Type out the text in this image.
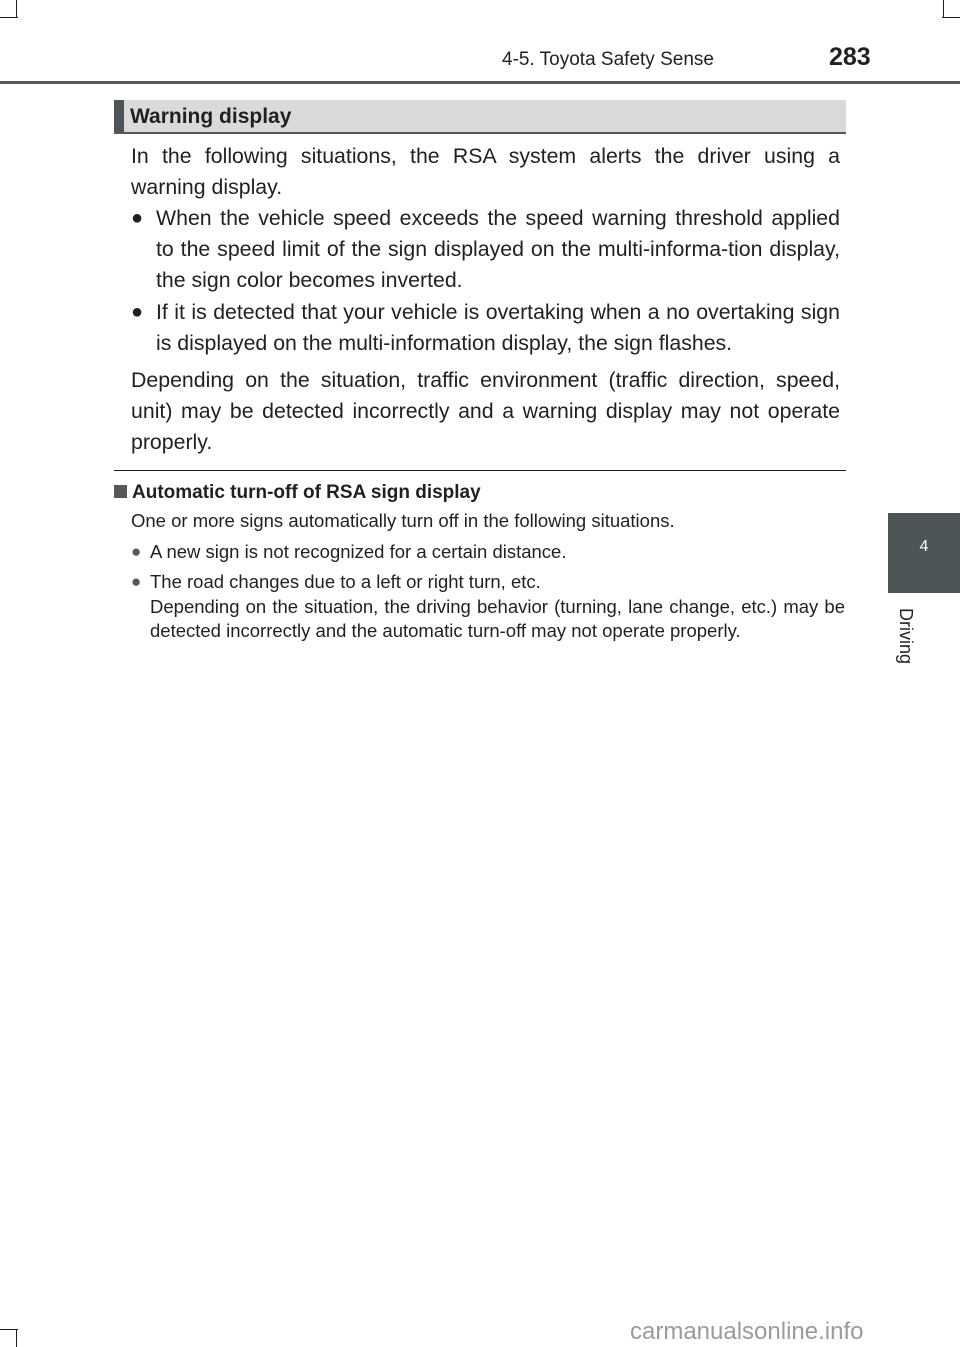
4-5. Toyota Safety Sense	283
4
Driving
Warning display

In the following situations, the RSA system alerts the driver using a warning display.

● When the vehicle speed exceeds the speed warning threshold applied to the speed limit of the sign displayed on the multi-informa-tion display, the sign color becomes inverted.

● If it is detected that your vehicle is overtaking when a no overtaking sign is displayed on the multi-information display, the sign flashes.

Depending on the situation, traffic environment (traffic direction, speed, unit) may be detected incorrectly and a warning display may not operate properly.

Automatic turn-off of RSA sign display

One or more signs automatically turn off in the following situations.

● A new sign is not recognized for a certain distance.

● The road changes due to a left or right turn, etc.

Depending on the situation, the driving behavior (turning, lane change, etc.) may be detected incorrectly and the automatic turn-off may not operate properly.

carmanualsonline.info
